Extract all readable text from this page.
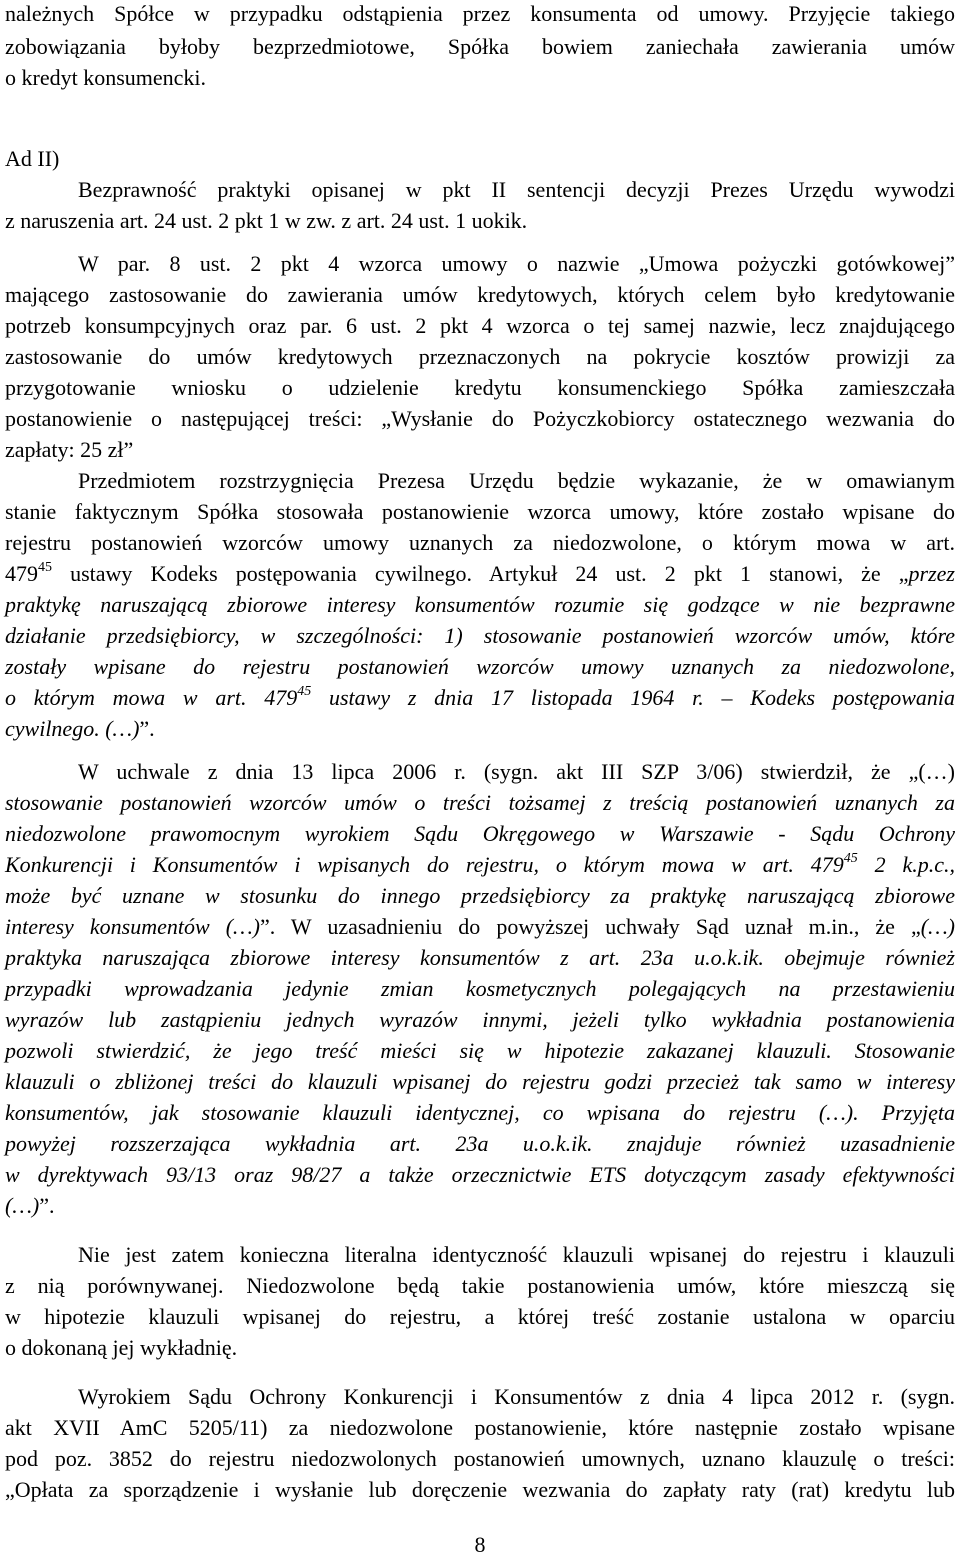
należnych Spółce w przypadku odstąpienia przez konsumenta od umowy. Przyjęcie takiego
zobowiązania byłoby bezprzedmiotowe, Spółka bowiem zaniechała zawierania umów
o kredyt konsumencki.
Ad II)
Bezprawność praktyki opisanej w pkt II sentencji decyzji Prezes Urzędu wywodzi
z naruszenia art. 24 ust. 2 pkt 1 w zw. z art. 24 ust. 1 uokik.
W par. 8 ust. 2 pkt 4 wzorca umowy o nazwie „Umowa pożyczki gotówkowej”
mającego zastosowanie do zawierania umów kredytowych, których celem było kredytowanie
potrzeb konsumpcyjnych oraz par. 6 ust. 2 pkt 4 wzorca o tej samej nazwie, lecz znajdującego
zastosowanie do umów kredytowych przeznaczonych na pokrycie kosztów prowizji za
przygotowanie wniosku o udzielenie kredytu konsumenckiego Spółka zamieszczała
postanowienie o następującej treści: „Wysłanie do Pożyczkobiorcy ostatecznego wezwania do
zapłaty: 25 zł”
Przedmiotem rozstrzygnięcia Prezesa Urzędu będzie wykazanie, że w omawianym
stanie faktycznym Spółka stosowała postanowienie wzorca umowy, które zostało wpisane do
rejestru postanowień wzorców umowy uznanych za niedozwolone, o którym mowa w art.
$479^{45}$ ustawy Kodeks postępowania cywilnego. Artykuł 24 ust. 2 pkt 1 stanowi, że „przez
praktykę naruszającą zbiorowe interesy konsumentów rozumie się godzące w nie bezprawne
działanie przedsiębiorcy, w szczególności: 1) stosowanie postanowień wzorców umów, które
zostały wpisane do rejestru postanowień wzorców umowy uznanych za niedozwolone,
o którym mowa w art. $479^{45}$ ustawy z dnia 17 listopada 1964 r. – Kodeks postępowania
cywilnego. (…)”.
W uchwale z dnia 13 lipca 2006 r. (sygn. akt III SZP 3/06) stwierdził, że „(…)
stosowanie postanowień wzorców umów o treści tożsamej z treścią postanowień uznanych za
niedozwolone prawomocnym wyrokiem Sądu Okręgowego w Warszawie - Sądu Ochrony
Konkurencji i Konsumentów i wpisanych do rejestru, o którym mowa w art. $479^{45}$ 2 k.p.c.,
może być uznane w stosunku do innego przedsiębiorcy za praktykę naruszającą zbiorowe
interesy konsumentów (…)”. W uzasadnieniu do powyższej uchwały Sąd uznał m.in., że „(…)
praktyka naruszająca zbiorowe interesy konsumentów z art. 23a u.o.k.ik. obejmuje również
przypadki wprowadzania jedynie zmian kosmetycznych polegających na przestawieniu
wyrazów lub zastąpieniu jednych wyrazów innymi, jeżeli tylko wykładnia postanowienia
pozwoli stwierdzić, że jego treść mieści się w hipotezie zakazanej klauzuli. Stosowanie
klauzuli o zbliżonej treści do klauzuli wpisanej do rejestru godzi przecież tak samo w interesy
konsumentów, jak stosowanie klauzuli identycznej, co wpisana do rejestru (…). Przyjęta
powyżej rozszerzająca wykładnia art. 23a u.o.k.ik. znajduje również uzasadnienie
w dyrektywach 93/13 oraz 98/27 a także orzecznictwie ETS dotyczącym zasady efektywności
(…)”.
Nie jest zatem konieczna literalna identyczność klauzuli wpisanej do rejestru i klauzuli
z nią porównywanej. Niedozwolone będą takie postanowienia umów, które mieszczą się
w hipotezie klauzuli wpisanej do rejestru, a której treść zostanie ustalona w oparciu
o dokonaną jej wykładnię.
Wyrokiem Sądu Ochrony Konkurencji i Konsumentów z dnia 4 lipca 2012 r. (sygn.
akt XVII AmC 5205/11) za niedozwolone postanowienie, które następnie zostało wpisane
pod poz. 3852 do rejestru niedozwolonych postanowień umownych, uznano klauzulę o treści:
„Opłata za sporządzenie i wysłanie lub doręczenie wezwania do zapłaty raty (rat) kredytu lub
8
